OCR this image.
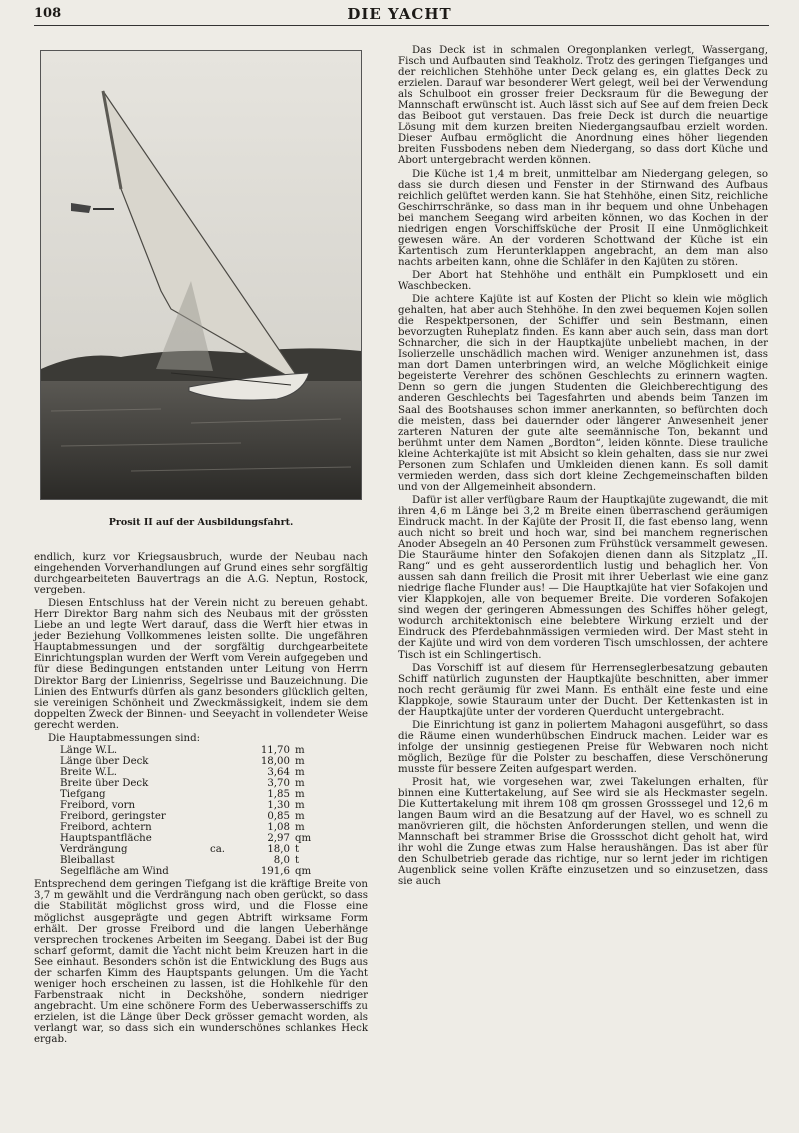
108	DIE YACHT
Prosit II auf der Ausbildungsfahrt.

endlich, kurz vor Kriegsausbruch, wurde der Neubau nach eingehenden Vorverhandlungen auf Grund eines sehr sorgfältig durchgearbeiteten Bauvertrags an die A.G. Neptun, Rostock, vergeben.

Diesen Entschluss hat der Verein nicht zu bereuen gehabt. Herr Direktor Barg nahm sich des Neubaus mit der grössten Liebe an und legte Wert darauf, dass die Werft hier etwas in jeder Beziehung Vollkommenes leisten sollte. Die ungefähren Hauptabmessungen und der sorgfältig durchgearbeitete Einrichtungsplan wurden der Werft vom Verein aufgegeben und für diese Bedingungen entstanden unter Leitung von Herrn Direktor Barg der Linienriss, Segelrisse und Bauzeichnung. Die Linien des Entwurfs dürfen als ganz besonders glücklich gelten, sie vereinigen Schönheit und Zweckmässigkeit, indem sie dem doppelten Zweck der Binnen- und Seeyacht in vollendeter Weise gerecht werden.

Die Hauptabmessungen sind:

Länge W.L.	11,70 m
Länge über Deck	18,00 m
Breite W.L.	3,64 m
Breite über Deck	3,70 m
Tiefgang	1,85 m
Freibord, vorn	1,30 m
Freibord, geringster	0,85 m
Freibord, achtern	1,08 m
Hauptspantfläche	2,97 qm
Verdrängung	ca.	18,0 t
Bleiballast	8,0 t
Segelfläche am Wind	191,6 qm

Entsprechend dem geringen Tiefgang ist die kräftige Breite von 3,7 m gewählt und die Verdrängung nach oben gerückt, so dass die Stabilität möglichst gross wird, und die Flosse eine möglichst ausgeprägte und gegen Abtrift wirksame Form erhält. Der grosse Freibord und die langen Ueberhänge versprechen trockenes Arbeiten im Seegang. Dabei ist der Bug scharf geformt, damit die Yacht nicht beim Kreuzen hart in die See einhaut. Besonders schön ist die Entwicklung des Bugs aus der scharfen Kimm des Hauptspants gelungen. Um die Yacht weniger hoch erscheinen zu lassen, ist die Hohlkehle für den Farbenstraak nicht in Deckshöhe, sondern niedriger angebracht. Um eine schönere Form des Ueberwasserschiffs zu erzielen, ist die Länge über Deck grösser gemacht worden, als verlangt war, so dass sich ein wunderschönes schlankes Heck ergab.

Das Deck ist in schmalen Oregonplanken verlegt, Wassergang, Fisch und Aufbauten sind Teakholz. Trotz des geringen Tiefganges und der reichlichen Stehhöhe unter Deck gelang es, ein glattes Deck zu erzielen. Darauf war besonderer Wert gelegt, weil bei der Verwendung als Schulboot ein grosser freier Decksraum für die Bewegung der Mannschaft erwünscht ist. Auch lässt sich auf See auf dem freien Deck das Beiboot gut verstauen. Das freie Deck ist durch die neuartige Lösung mit dem kurzen breiten Niedergangsaufbau erzielt worden. Dieser Aufbau ermöglicht die Anordnung eines höher liegenden breiten Fussbodens neben dem Niedergang, so dass dort Küche und Abort untergebracht werden können.

Die Küche ist 1,4 m breit, unmittelbar am Niedergang gelegen, so dass sie durch diesen und Fenster in der Stirnwand des Aufbaus reichlich gelüftet werden kann. Sie hat Stehhöhe, einen Sitz, reichliche Geschirrschränke, so dass man in ihr bequem und ohne Unbehagen bei manchem Seegang wird arbeiten können, wo das Kochen in der niedrigen engen Vorschiffsküche der Prosit II eine Unmöglichkeit gewesen wäre. An der vorderen Schottwand der Küche ist ein Kartentisch zum Herunterklappen angebracht, an dem man also nachts arbeiten kann, ohne die Schläfer in den Kajüten zu stören.

Der Abort hat Stehhöhe und enthält ein Pumpklosett und ein Waschbecken.

Die achtere Kajüte ist auf Kosten der Plicht so klein wie möglich gehalten, hat aber auch Stehhöhe. In den zwei bequemen Kojen sollen die Respektpersonen, der Schiffer und sein Bestmann, einen bevorzugten Ruheplatz finden. Es kann aber auch sein, dass man dort Schnarcher, die sich in der Hauptkajüte unbeliebt machen, in der Isolierzelle unschädlich machen wird. Weniger anzunehmen ist, dass man dort Damen unterbringen wird, an welche Möglichkeit einige begeisterte Verehrer des schönen Geschlechts zu erinnern wagten. Denn so gern die jungen Studenten die Gleichberechtigung des anderen Geschlechts bei Tagesfahrten und abends beim Tanzen im Saal des Bootshauses schon immer anerkannten, so befürchten doch die meisten, dass bei dauernder oder längerer Anwesenheit jener zarteren Naturen der gute alte seemännische Ton, bekannt und berühmt unter dem Namen „Bordton“, leiden könnte. Diese trauliche kleine Achterkajüte ist mit Absicht so klein gehalten, dass sie nur zwei Personen zum Schlafen und Umkleiden dienen kann. Es soll damit vermieden werden, dass sich dort kleine Zechgemeinschaften bilden und von der Allgemeinheit absondern.

Dafür ist aller verfügbare Raum der Hauptkajüte zugewandt, die mit ihren 4,6 m Länge bei 3,2 m Breite einen überraschend geräumigen Eindruck macht. In der Kajüte der Prosit II, die fast ebenso lang, wenn auch nicht so breit und hoch war, sind bei manchem regnerischen Anoder Absegeln an 40 Personen zum Frühstück versammelt gewesen. Die Stauräume hinter den Sofakojen dienen dann als Sitzplatz „II. Rang“ und es geht ausserordentlich lustig und behaglich her. Von aussen sah dann freilich die Prosit mit ihrer Ueberlast wie eine ganz niedrige flache Flunder aus! — Die Hauptkajüte hat vier Sofakojen und vier Klappkojen, alle von bequemer Breite. Die vorderen Sofakojen sind wegen der geringeren Abmessungen des Schiffes höher gelegt, wodurch architektonisch eine belebtere Wirkung erzielt und der Eindruck des Pferdebahnmässigen vermieden wird. Der Mast steht in der Kajüte und wird von dem vorderen Tisch umschlossen, der achtere Tisch ist ein Schlingertisch.

Das Vorschiff ist auf diesem für Herrenseglerbesatzung gebauten Schiff natürlich zugunsten der Hauptkajüte beschnitten, aber immer noch recht geräumig für zwei Mann. Es enthält eine feste und eine Klappkoje, sowie Stauraum unter der Ducht. Der Kettenkasten ist in der Hauptkajüte unter der vorderen Querducht untergebracht.

Die Einrichtung ist ganz in poliertem Mahagoni ausgeführt, so dass die Räume einen wunderhübschen Eindruck machen. Leider war es infolge der unsinnig gestiegenen Preise für Webwaren noch nicht möglich, Bezüge für die Polster zu beschaffen, diese Verschönerung musste für bessere Zeiten aufgespart werden.

Prosit hat, wie vorgesehen war, zwei Takelungen erhalten, für binnen eine Kuttertakelung, auf See wird sie als Heckmaster segeln. Die Kuttertakelung mit ihrem 108 qm grossen Grosssegel und 12,6 m langen Baum wird an die Besatzung auf der Havel, wo es schnell zu manövrieren gilt, die höchsten Anforderungen stellen, und wenn die Mannschaft bei strammer Brise die Grossschot dicht geholt hat, wird ihr wohl die Zunge etwas zum Halse heraushängen. Das ist aber für den Schulbetrieb gerade das richtige, nur so lernt jeder im richtigen Augenblick seine vollen Kräfte einzusetzen und so einzusetzen, dass sie auch
